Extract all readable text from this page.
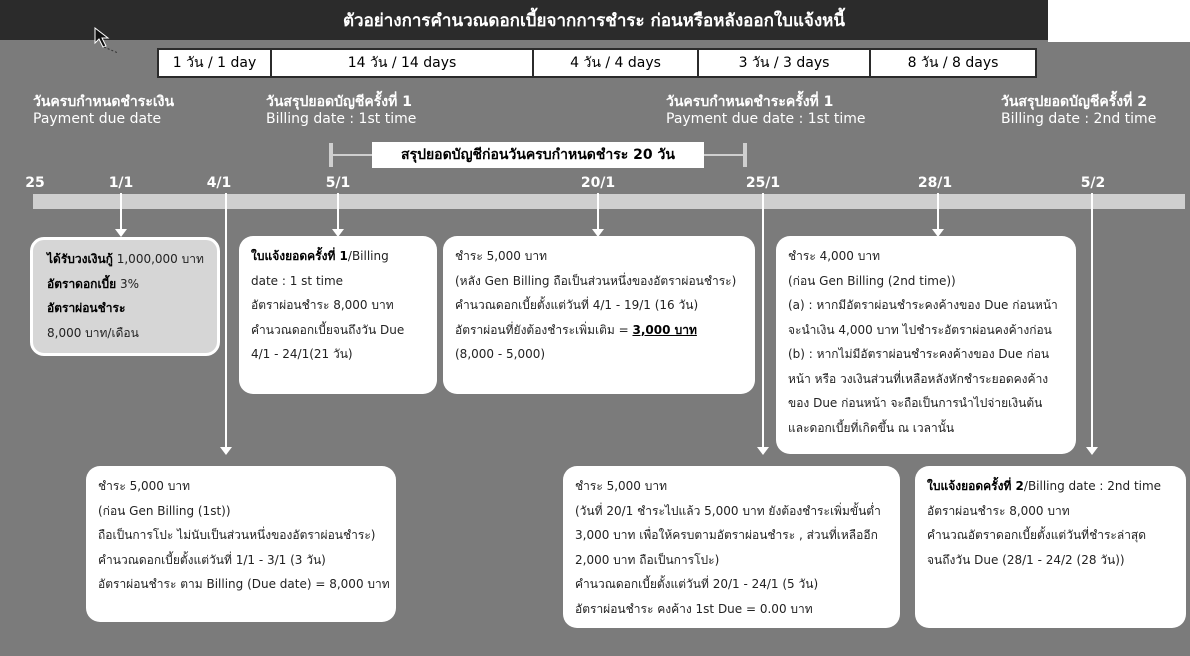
ตัวอย่างการคำนวณดอกเบี้ยจากการชำระ ก่อนหรือหลังออกใบแจ้งหนี้
1 วัน / 1 day	14 วัน / 14 days	4 วัน / 4 days	3 วัน / 3 days	8 วัน / 8 days
วันครบกำหนดชำระเงิน
Payment due date
วันสรุปยอดบัญชีครั้งที่ 1
Billing date : 1st time
วันครบกำหนดชำระครั้งที่ 1
Payment due date : 1st time
วันสรุปยอดบัญชีครั้งที่ 2
Billing date : 2nd time
สรุปยอดบัญชีก่อนวันครบกำหนดชำระ 20 วัน
25	1/1	4/1	5/1	20/1	25/1	28/1	5/2
ได้รับวงเงินกู้ 1,000,000 บาท
อัตราดอกเบี้ย 3%
อัตราผ่อนชำระ
8,000 บาท/เดือน
ใบแจ้งยอดครั้งที่ 1/Billing
date : 1 st time
อัตราผ่อนชำระ 8,000 บาท
คำนวณดอกเบี้ยจนถึงวัน Due
4/1 - 24/1(21 วัน)
ชำระ 5,000 บาท
(หลัง Gen Billing ถือเป็นส่วนหนึ่งของอัตราผ่อนชำระ)
คำนวณดอกเบี้ยตั้งแต่วันที่ 4/1 - 19/1 (16 วัน)
อัตราผ่อนที่ยังต้องชำระเพิ่มเติม = 3,000 บาท
(8,000 - 5,000)
ชำระ 4,000 บาท
(ก่อน Gen Billing (2nd time))
(a) : หากมีอัตราผ่อนชำระคงค้างของ Due ก่อนหน้า
จะนำเงิน 4,000 บาท ไปชำระอัตราผ่อนคงค้างก่อน
(b) : หากไม่มีอัตราผ่อนชำระคงค้างของ Due ก่อน
หน้า หรือ วงเงินส่วนที่เหลือหลังหักชำระยอดคงค้าง
ของ Due ก่อนหน้า จะถือเป็นการนำไปจ่ายเงินต้น
และดอกเบี้ยที่เกิดขึ้น ณ เวลานั้น
ชำระ 5,000 บาท
(ก่อน Gen Billing (1st))
ถือเป็นการโปะ ไม่นับเป็นส่วนหนึ่งของอัตราผ่อนชำระ)
คำนวณดอกเบี้ยตั้งแต่วันที่ 1/1 - 3/1 (3 วัน)
อัตราผ่อนชำระ ตาม Billing (Due date) = 8,000 บาท
ชำระ 5,000 บาท
(วันที่ 20/1 ชำระไปแล้ว 5,000 บาท ยังต้องชำระเพิ่มขั้นต่ำ
3,000 บาท เพื่อให้ครบตามอัตราผ่อนชำระ , ส่วนที่เหลืออีก
2,000 บาท ถือเป็นการโปะ)
คำนวณดอกเบี้ยตั้งแต่วันที่ 20/1 - 24/1 (5 วัน)
อัตราผ่อนชำระ คงค้าง 1st Due = 0.00 บาท
ใบแจ้งยอดครั้งที่ 2/Billing date : 2nd time
อัตราผ่อนชำระ 8,000 บาท
คำนวณอัตราดอกเบี้ยตั้งแต่วันที่ชำระล่าสุด
จนถึงวัน Due (28/1 - 24/2 (28 วัน))
